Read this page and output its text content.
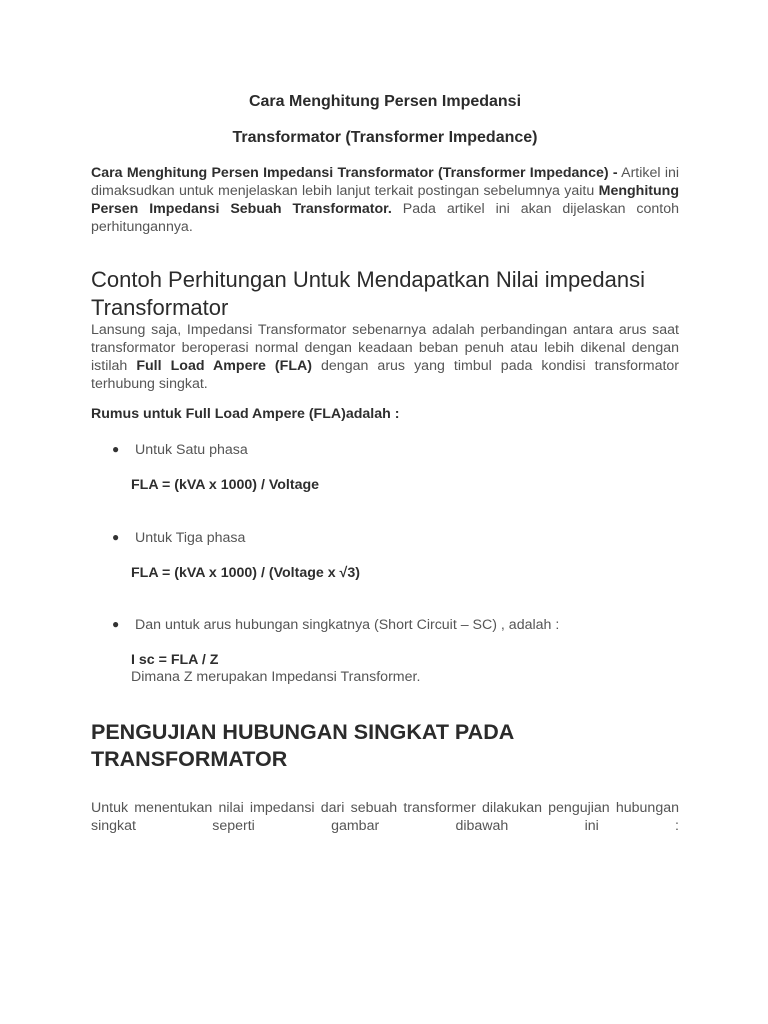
Cara Menghitung Persen Impedansi
Transformator (Transformer Impedance)
Cara Menghitung Persen Impedansi Transformator (Transformer Impedance) - Artikel ini dimaksudkan untuk menjelaskan lebih lanjut terkait postingan sebelumnya yaitu Menghitung Persen Impedansi Sebuah Transformator. Pada artikel ini akan dijelaskan contoh perhitungannya.
Contoh Perhitungan Untuk Mendapatkan Nilai impedansi Transformator
Lansung saja, Impedansi Transformator sebenarnya adalah perbandingan antara arus saat transformator beroperasi normal dengan keadaan beban penuh atau lebih dikenal dengan istilah Full Load Ampere (FLA) dengan arus yang timbul pada kondisi transformator terhubung singkat.
Rumus untuk Full Load Ampere (FLA)adalah :
● Untuk Satu phasa
FLA = (kVA x 1000) / Voltage
● Untuk Tiga phasa
FLA = (kVA x 1000) / (Voltage x √3)
● Dan untuk arus hubungan singkatnya (Short Circuit – SC) , adalah :
I sc = FLA / Z
Dimana Z merupakan Impedansi Transformer.
PENGUJIAN HUBUNGAN SINGKAT PADA TRANSFORMATOR
Untuk menentukan nilai impedansi dari sebuah transformer dilakukan pengujian hubungan singkat seperti gambar dibawah ini :
